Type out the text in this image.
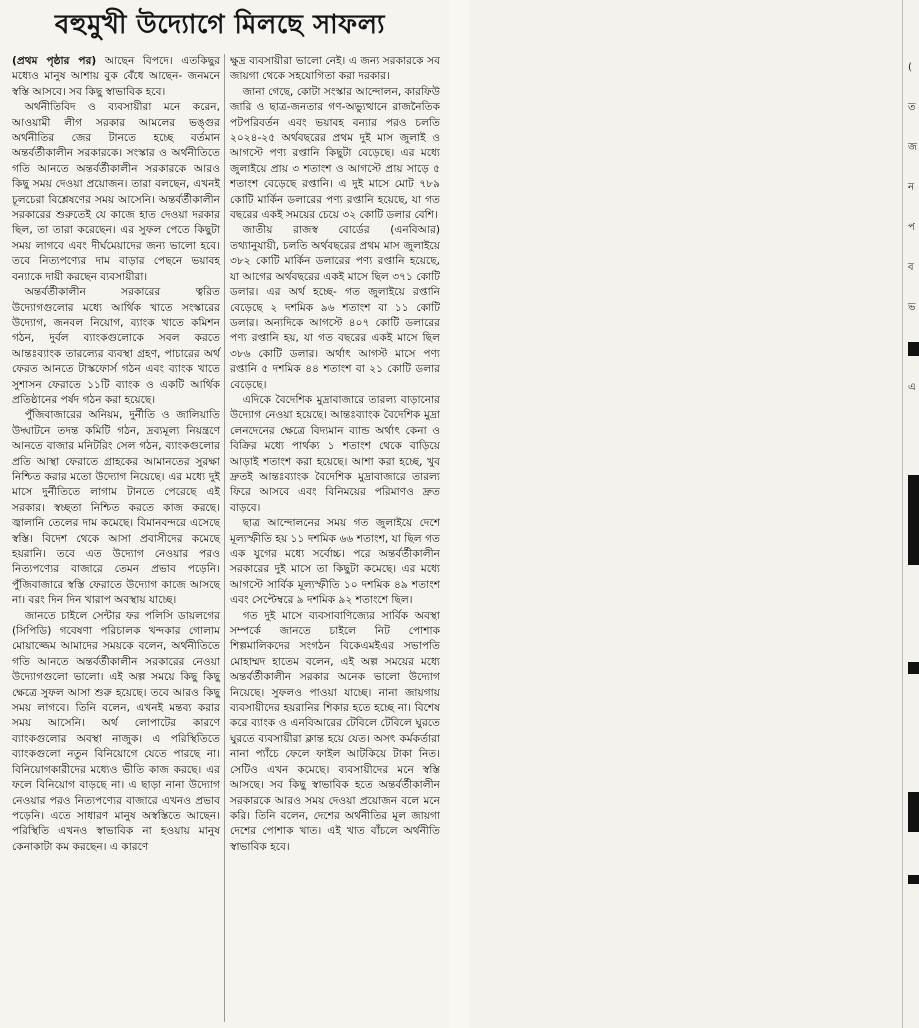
বহুমুখী উদ্যোগে মিলছে সাফল্য

(প্রথম পৃষ্ঠার পর) আছেন বিপদে। এতকিছুর মধ্যেও মানুষ আশায় বুক বেঁধে আছেন- জনমনে স্বস্তি আসবে। সব কিছু স্বাভাবিক হবে।

অর্থনীতিবিদ ও ব্যবসায়ীরা মনে করেন, আওয়ামী লীগ সরকার আমলের ভঙ্গুর অর্থনীতির জের টানতে হচ্ছে বর্তমান অন্তর্বর্তীকালীন সরকারকে। সংস্কার ও অর্থনীতিতে গতি আনতে অন্তর্বর্তীকালীন সরকারকে আরও কিছু সময় দেওয়া প্রয়োজন। তারা বলছেন, এখনই চূলচেরা বিশ্লেষণের সময় আসেনি। অন্তর্বর্তীকালীন সরকারের শুরুতেই যে কাজে হাত দেওয়া দরকার ছিল, তা তারা করেছেন। এর সুফল পেতে কিছুটা সময় লাগবে এবং দীর্ঘমেয়াদের জন্য ভালো হবে। তবে নিত্যপণ্যের দাম বাড়ার পেছনে ভয়াবহ বন্যাকে দায়ী করছেন ব্যবসায়ীরা।

অন্তর্বর্তীকালীন সরকারের ত্বরিত উদ্যোগগুলোর মধ্যে আর্থিক খাতে সংস্কারের উদ্যোগ, জনবল নিয়োগ, ব্যাংক খাতে কমিশন গঠন, দুর্বল ব্যাংকগুলোকে সবল করতে আন্তঃব্যাংক তারল্যের ব্যবস্থা গ্রহণ, পাচারের অর্থ ফেরত আনতে টাস্কফোর্স গঠন এবং ব্যাংক খাতে সুশাসন ফেরাতে ১১টি ব্যাংক ও একটি আর্থিক প্রতিষ্ঠানের পর্ষদ গঠন করা হয়েছে।

পুঁজিবাজারের অনিয়ম, দুর্নীতি ও জালিয়াতি উদ্ঘাটনে তদন্ত কমিটি গঠন, দ্রব্যমূল্য নিয়ন্ত্রণে আনতে বাজার মনিটরিং সেল গঠন, ব্যাংকগুলোর প্রতি আস্থা ফেরাতে গ্রাহকের আমানতের সুরক্ষা নিশ্চিত করার মতো উদ্যোগ নিয়েছে। এর মধ্যে দুই মাসে দুর্নীতিতে লাগাম টানতে পেরেছে এই সরকার। স্বচ্ছতা নিশ্চিত করতে কাজ করছে। জ্বালানি তেলের দাম কমেছে। বিমানবন্দরে এসেছে স্বস্তি। বিদেশ থেকে আসা প্রবাসীদের কমেছে হয়রানি। তবে এত উদ্যোগ নেওয়ার পরও নিত্যপণ্যের বাজারে তেমন প্রভাব পড়েনি। পুঁজিবাজারে স্বস্তি ফেরাতে উদ্যোগ কাজে আসছে না। বরং দিন দিন খারাপ অবস্থায় যাচ্ছে।

জানতে চাইলে সেন্টার ফর পলিসি ডায়লগের (সিপিডি) গবেষণা পরিচালক খন্দকার গোলাম মোয়াজ্জেম আমাদের সময়কে বলেন, অর্থনীতিতে গতি আনতে অন্তর্বর্তীকালীন সরকারের নেওয়া উদ্যোগগুলো ভালো। এই অল্প সময়ে কিছু কিছু ক্ষেত্রে সুফল আসা শুরু হয়েছে। তবে আরও কিছু সময় লাগবে। তিনি বলেন, এখনই মন্তব্য করার সময় আসেনি। অর্থ লোপাটের কারণে ব্যাংকগুলোর অবস্থা নাজুক। এ পরিস্থিতিতে ব্যাংকগুলো নতুন বিনিয়োগে যেতে পারছে না। বিনিয়োগকারীদের মধ্যেও ভীতি কাজ করছে। এর ফলে বিনিয়োগ বাড়ছে না। এ ছাড়া নানা উদ্যোগ নেওয়ার পরও নিত্যপণ্যের বাজারে এখনও প্রভাব পড়েনি। এতে সাধারণ মানুষ অস্বস্তিতে আছেন। পরিস্থিতি এখনও স্বাভাবিক না হওয়ায় মানুষ কেনাকাটা কম করছেন। এ কারণে

ক্ষুদ্র ব্যবসায়ীরা ভালো নেই। এ জন্য সরকারকে সব জায়গা থেকে সহযোগিতা করা দরকার।

জানা গেছে, কোটা সংস্কার আন্দোলন, কারফিউ জারি ও ছাত্র-জনতার গণ-অভ্যুত্থানে রাজনৈতিক পটপরিবর্তন এবং ভয়াবহ বন্যার পরও চলতি ২০২৪-২৫ অর্থবছরের প্রথম দুই মাস জুলাই ও আগস্টে পণ্য রপ্তানি কিছুটা বেড়েছে। এর মধ্যে জুলাইয়ে প্রায় ৩ শতাংশ ও আগস্টে প্রায় সাড়ে ৫ শতাংশ বেড়েছে রপ্তানি। এ দুই মাসে মোট ৭৮৯ কোটি মার্কিন ডলারের পণ্য রপ্তানি হয়েছে, যা গত বছরের একই সময়ের চেয়ে ৩২ কোটি ডলার বেশি।

জাতীয় রাজস্ব বোর্ডের (এনবিআর) তথ্যানুযায়ী, চলতি অর্থবছরের প্রথম মাস জুলাইয়ে ৩৮২ কোটি মার্কিন ডলারের পণ্য রপ্তানি হয়েছে, যা আগের অর্থবছরের একই মাসে ছিল ৩৭১ কোটি ডলার। এর অর্থ হচ্ছে- গত জুলাইয়ে রপ্তানি বেড়েছে ২ দশমিক ৯৬ শতাংশ বা ১১ কোটি ডলার। অন্যদিকে আগস্টে ৪০৭ কোটি ডলারের পণ্য রপ্তানি হয়, যা গত বছরের একই মাসে ছিল ৩৮৬ কোটি ডলার। অর্থাৎ আগস্ট মাসে পণ্য রপ্তানি ৫ দশমিক ৪৪ শতাংশ বা ২১ কোটি ডলার বেড়েছে।

এদিকে বৈদেশিক মুদ্রাবাজারে তারল্য বাড়ানোর উদ্যোগ নেওয়া হয়েছে। আন্তঃব্যাংক বৈদেশিক মুদ্রা লেনদেনের ক্ষেত্রে বিদ্যমান ব্যান্ড অর্থাৎ কেনা ও বিক্রির মধ্যে পার্থক্য ১ শতাংশ থেকে বাড়িয়ে আড়াই শতাংশ করা হয়েছে। আশা করা হচ্ছে, খুব দ্রুতই আন্তঃব্যাংক বৈদেশিক মুদ্রাবাজারে তারল্য ফিরে আসবে এবং বিনিময়ের পরিমাণও দ্রুত বাড়বে।

ছাত্র আন্দোলনের সময় গত জুলাইয়ে দেশে মূল্যস্ফীতি হয় ১১ দশমিক ৬৬ শতাংশ, যা ছিল গত এক যুগের মধ্যে সর্বোচ্চ। পরে অন্তর্বর্তীকালীন সরকারের দুই মাসে তা কিছুটা কমেছে। এর মধ্যে আগস্টে সার্বিক মূল্যস্ফীতি ১০ দশমিক ৪৯ শতাংশ এবং সেপ্টেম্বরে ৯ দশমিক ৯২ শতাংশে ছিল।

গত দুই মাসে ব্যবসাবাণিজ্যের সার্বিক অবস্থা সম্পর্কে জানতে চাইলে নিট পোশাক শিল্পমালিকদের সংগঠন বিকেএমইএর সভাপতি মোহাম্মদ হাতেম বলেন, এই অল্প সময়ের মধ্যে অন্তর্বর্তীকালীন সরকার অনেক ভালো উদ্যোগ নিয়েছে। সুফলও পাওয়া যাচ্ছে। নানা জায়গায় ব্যবসায়ীদের হয়রানির শিকার হতে হচ্ছে না। বিশেষ করে ব্যাংক ও এনবিআরের টেবিলে টেবিলে ঘুরতে ঘুরতে ব্যবসায়ীরা ক্লান্ত হয়ে যেত। অসৎ কর্মকর্তারা নানা প্যাঁচে ফেলে ফাইল আটকিয়ে টাকা নিত। সেটিও এখন কমেছে। ব্যবসায়ীদের মনে স্বস্তি আসছে। সব কিছু স্বাভাবিক হতে অন্তর্বর্তীকালীন সরকারকে আরও সময় দেওয়া প্রয়োজন বলে মনে করি। তিনি বলেন, দেশের অর্থনীতির মূল জায়গা দেশের পোশাক খাত। এই খাত বাঁচলে অর্থনীতি স্বাভাবিক হবে।

(
ত
জ
ন
প
ব
ভ
এ
